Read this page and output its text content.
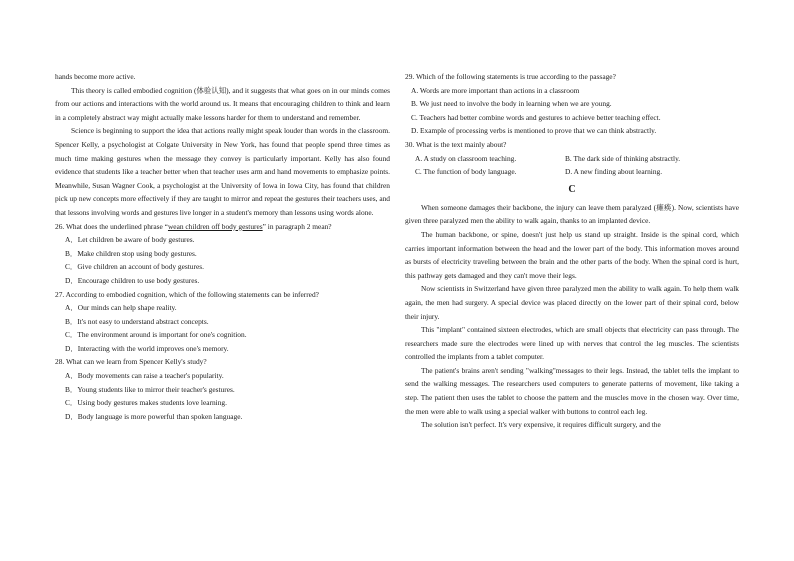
hands become more active.

This theory is called embodied cognition (体验认知), and it suggests that what goes on in our minds comes from our actions and interactions with the world around us. It means that encouraging children to think and learn in a completely abstract way might actually make lessons harder for them to understand and remember.

Science is beginning to support the idea that actions really might speak louder than words in the classroom. Spencer Kelly, a psychologist at Colgate University in New York, has found that people spend three times as much time making gestures when the message they convey is particularly important. Kelly has also found evidence that students like a teacher better when that teacher uses arm and hand movements to emphasize points. Meanwhile, Susan Wagner Cook, a psychologist at the University of Iowa in Iowa City, has found that children pick up new concepts more effectively if they are taught to mirror and repeat the gestures their teachers uses, and that lessons involving words and gestures live longer in a student's memory than lessons using words alone.

26. What does the underlined phrase “wean children off body gestures” in paragraph 2 mean?

A．Let children be aware of body gestures.

B．Make children stop using body gestures.

C．Give children an account of body gestures.

D．Encourage children to use body gestures.

27. According to embodied cognition, which of the following statements can be inferred?

A．Our minds can help shape reality.

B．It's not easy to understand abstract concepts.

C．The environment around is important for one's cognition.

D．Interacting with the world improves one's memory.

28. What can we learn from Spencer Kelly's study?

A．Body movements can raise a teacher's popularity.

B．Young students like to mirror their teacher's gestures.

C．Using body gestures makes students love learning.

D．Body language is more powerful than spoken language.

29. Which of the following statements is true according to the passage?

A. Words are more important than actions in a classroom

B. We just need to involve the body in learning when we are young.

C. Teachers had better combine words and gestures to achieve better teaching effect.

D. Example of processing verbs is mentioned to prove that we can think abstractly.

30. What is the text mainly about?

A. A study on classroom teaching.	B. The dark side of thinking abstractly.
C. The function of body language.	D. A new finding about learning.

C

When someone damages their backbone, the injury can leave them paralyzed (瘫痪). Now, scientists have given three paralyzed men the ability to walk again, thanks to an implanted device.

The human backbone, or spine, doesn't just help us stand up straight. Inside is the spinal cord, which carries important information between the head and the lower part of the body. This information moves around as bursts of electricity traveling between the brain and the other parts of the body. When the spinal cord is hurt, this pathway gets damaged and they can't move their legs.

Now scientists in Switzerland have given three paralyzed men the ability to walk again. To help them walk again, the men had surgery. A special device was placed directly on the lower part of their spinal cord, below their injury.

This "implant" contained sixteen electrodes, which are small objects that electricity can pass through. The researchers made sure the electrodes were lined up with nerves that control the leg muscles. The scientists controlled the implants from a tablet computer.

The patient's brains aren't sending "walking"messages to their legs. Instead, the tablet tells the implant to send the walking messages. The researchers used computers to generate patterns of movement, like taking a step. The patient then uses the tablet to choose the pattern and the muscles move in the chosen way. Over time, the men were able to walk using a special walker with buttons to control each leg.

The solution isn't perfect. It's very expensive, it requires difficult surgery, and the
